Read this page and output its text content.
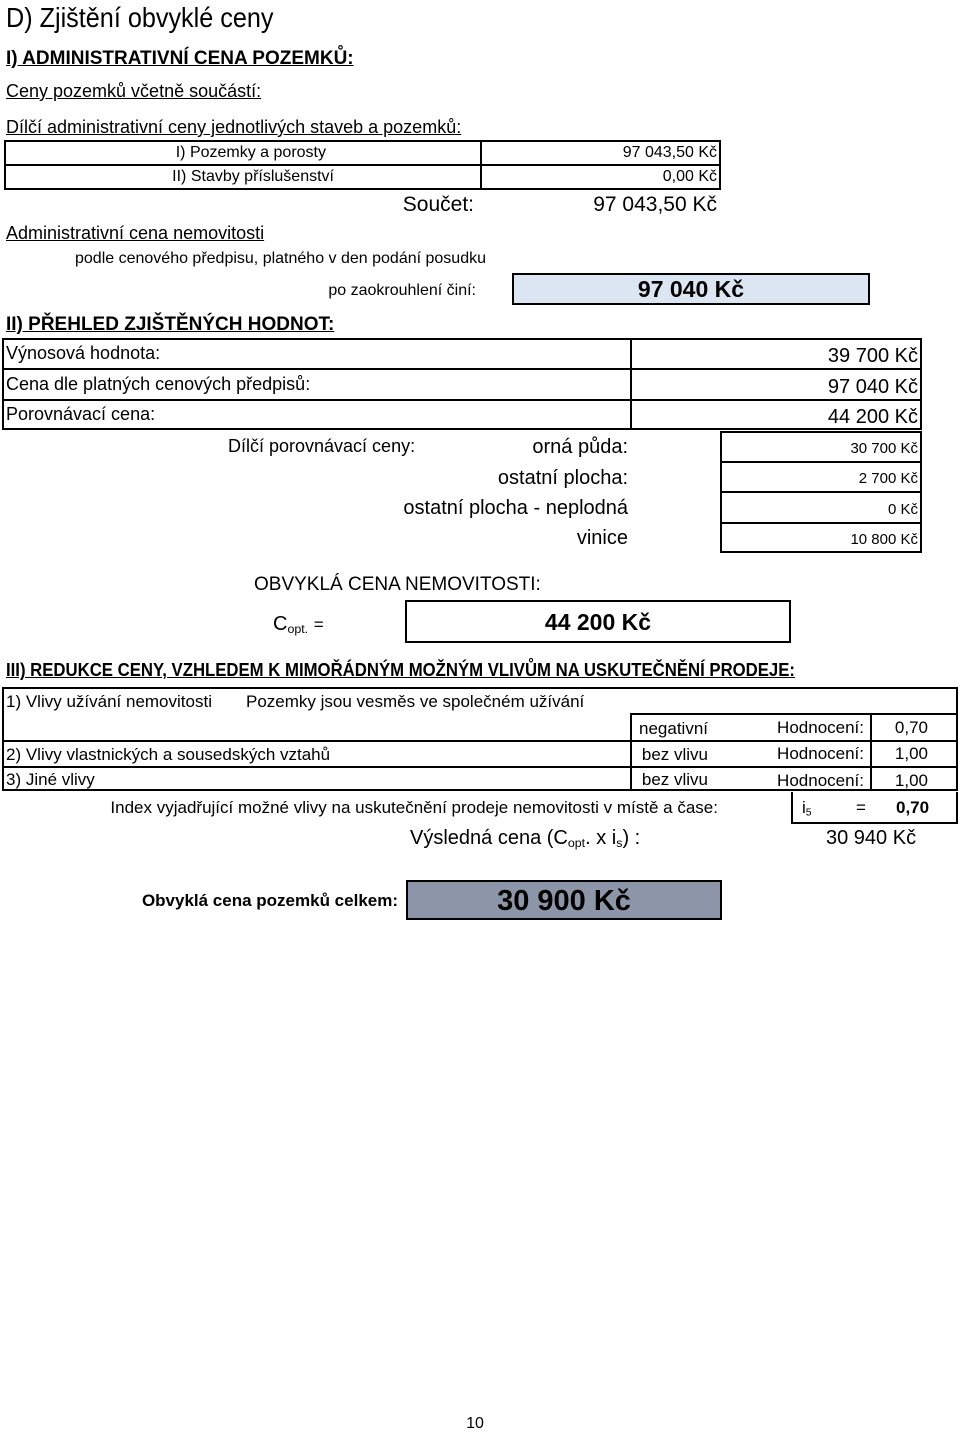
D) Zjištění obvyklé ceny
I) ADMINISTRATIVNÍ CENA POZEMKŮ:
Ceny pozemků včetně součástí:
Dílčí administrativní ceny jednotlivých staveb a pozemků:
I) Pozemky a porosty	97 043,50 Kč
II) Stavby příslušenství	0,00 Kč
Součet:	97 043,50 Kč
Administrativní cena nemovitosti
podle cenového předpisu, platného v den podání posudku
po zaokrouhlení činí:	97 040 Kč
II) PŘEHLED ZJIŠTĚNÝCH HODNOT:
Výnosová hodnota:	39 700 Kč
Cena dle platných cenových předpisů:	97 040 Kč
Porovnávací cena:	44 200 Kč
Dílčí porovnávací ceny:	orná půda:	30 700 Kč
ostatní plocha:	2 700 Kč
ostatní plocha - neplodná	0 Kč
vinice	10 800 Kč
OBVYKLÁ CENA NEMOVITOSTI:
$C_{opt.}$ =	44 200 Kč
III) REDUKCE CENY, VZHLEDEM K MIMOŘÁDNÝM MOŽNÝM VLIVŮM NA USKUTEČNĚNÍ PRODEJE:
1) Vlivy užívání nemovitosti Pozemky jsou vesměs ve společném užívání
negativní	Hodnocení:	0,70
2) Vlivy vlastnických a sousedských vztahů	bez vlivu	Hodnocení:	1,00
3) Jiné vlivy	bez vlivu	Hodnocení:	1,00
Index vyjadřující možné vlivy na uskutečnění prodeje nemovitosti v místě a čase:	$i_5$	= 0,70
Výsledná cena ($C_{opt}$. x $i_s$) :	30 940 Kč
Obvyklá cena pozemků celkem:	30 900 Kč
10
